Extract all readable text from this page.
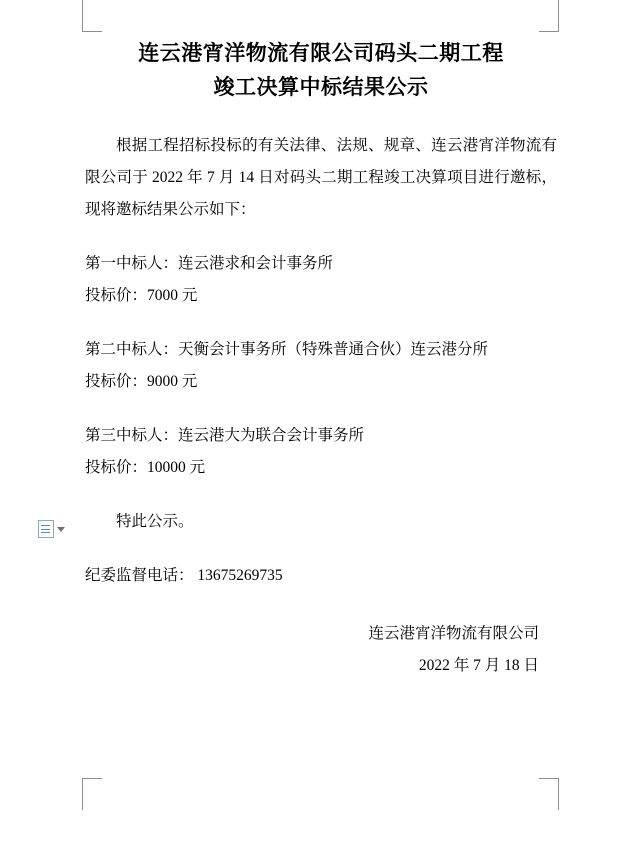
连云港宵洋物流有限公司码头二期工程
竣工决算中标结果公示

根据工程招标投标的有关法律、法规、规章、连云港宵洋物流有限公司于 2022 年 7 月 14 日对码头二期工程竣工决算项目进行邀标，现将邀标结果公示如下：

第一中标人：连云港求和会计事务所

投标价：7000 元

第二中标人：天衡会计事务所（特殊普通合伙）连云港分所

投标价：9000 元

第三中标人：连云港大为联合会计事务所

投标价：10000 元

特此公示。

纪委监督电话： 13675269735

连云港宵洋物流有限公司
2022 年 7 月 18 日
